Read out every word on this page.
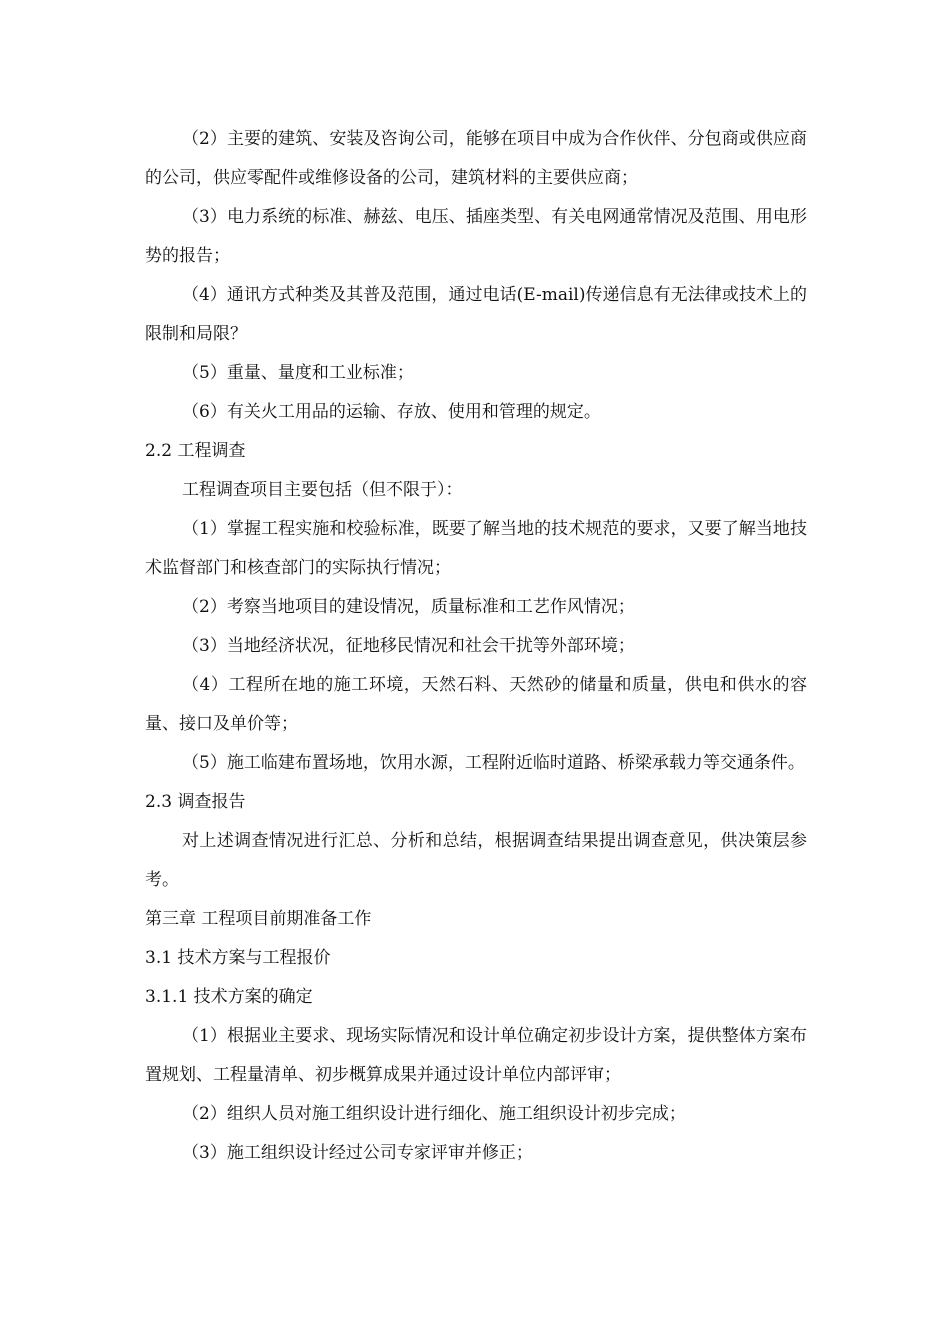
（2）主要的建筑、安装及咨询公司，能够在项目中成为合作伙伴、分包商或供应商的公司，供应零配件或维修设备的公司，建筑材料的主要供应商；

（3）电力系统的标准、赫兹、电压、插座类型、有关电网通常情况及范围、用电形势的报告；

（4）通讯方式种类及其普及范围，通过电话(E-mail)传递信息有无法律或技术上的限制和局限？

（5）重量、量度和工业标准；

（6）有关火工用品的运输、存放、使用和管理的规定。

2.2 工程调查

工程调查项目主要包括（但不限于）：

（1）掌握工程实施和校验标准，既要了解当地的技术规范的要求，又要了解当地技术监督部门和核查部门的实际执行情况；

（2）考察当地项目的建设情况，质量标准和工艺作风情况；

（3）当地经济状况，征地移民情况和社会干扰等外部环境；

（4）工程所在地的施工环境，天然石料、天然砂的储量和质量，供电和供水的容量、接口及单价等；

（5）施工临建布置场地，饮用水源，工程附近临时道路、桥梁承载力等交通条件。

2.3 调查报告

对上述调查情况进行汇总、分析和总结，根据调查结果提出调查意见，供决策层参考。

第三章 工程项目前期准备工作

3.1 技术方案与工程报价

3.1.1 技术方案的确定

（1）根据业主要求、现场实际情况和设计单位确定初步设计方案，提供整体方案布置规划、工程量清单、初步概算成果并通过设计单位内部评审；

（2）组织人员对施工组织设计进行细化、施工组织设计初步完成；

（3）施工组织设计经过公司专家评审并修正；
